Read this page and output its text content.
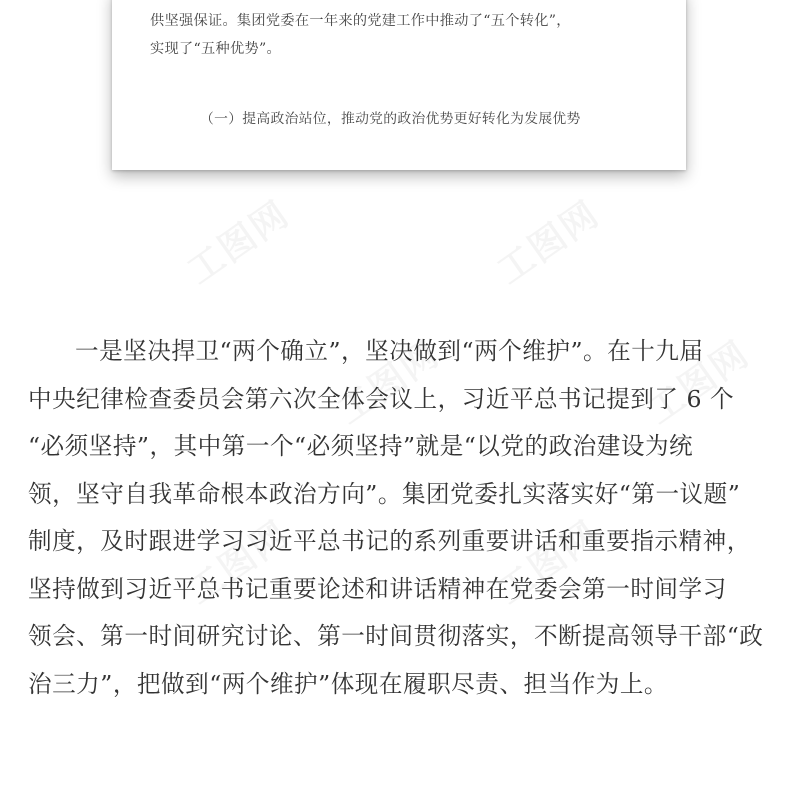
供坚强保证。集团党委在一年来的党建工作中推动了“五个转化”，
实现了“五种优势”。
（一）提高政治站位，推动党的政治优势更好转化为发展优势
一是坚决捍卫“两个确立”，坚决做到“两个维护”。在十九届
中央纪律检查委员会第六次全体会议上，习近平总书记提到了 6 个
“必须坚持”，其中第一个“必须坚持”就是“以党的政治建设为统
领，坚守自我革命根本政治方向”。集团党委扎实落实好“第一议题”
制度，及时跟进学习习近平总书记的系列重要讲话和重要指示精神，
坚持做到习近平总书记重要论述和讲话精神在党委会第一时间学习
领会、第一时间研究讨论、第一时间贯彻落实，不断提高领导干部“政
治三力”，把做到“两个维护”体现在履职尽责、担当作为上。
